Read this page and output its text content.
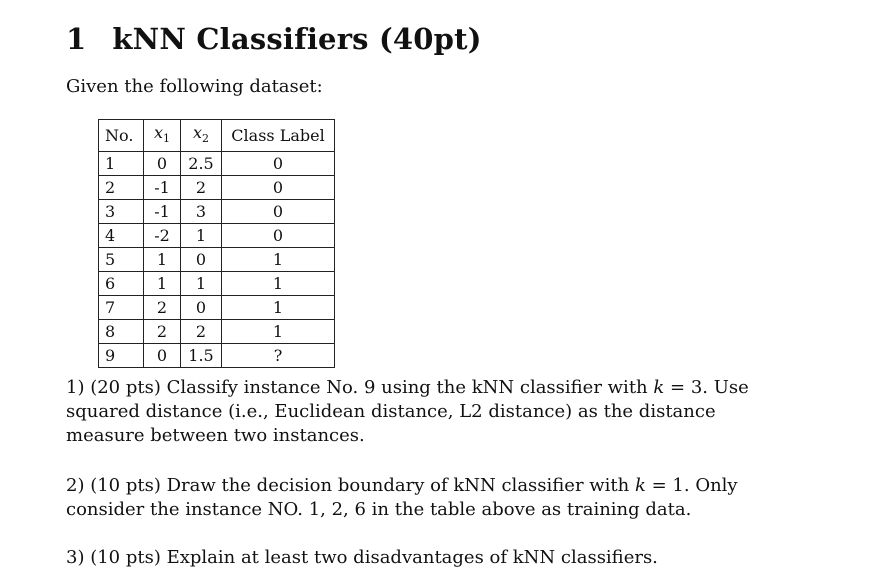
1 kNN Classifiers (40pt)

Given the following dataset:

No.	$x_1$	$x_2$	Class Label
1	0	2.5	0
2	-1	2	0
3	-1	3	0
4	-2	1	0
5	1	0	1
6	1	1	1
7	2	0	1
8	2	2	1
9	0	1.5	?

1) (20 pts) Classify instance No. 9 using the kNN classifier with k = 3. Use squared distance (i.e., Euclidean distance, L2 distance) as the distance measure between two instances.

2) (10 pts) Draw the decision boundary of kNN classifier with k = 1. Only consider the instance NO. 1, 2, 6 in the table above as training data.

3) (10 pts) Explain at least two disadvantages of kNN classifiers.
